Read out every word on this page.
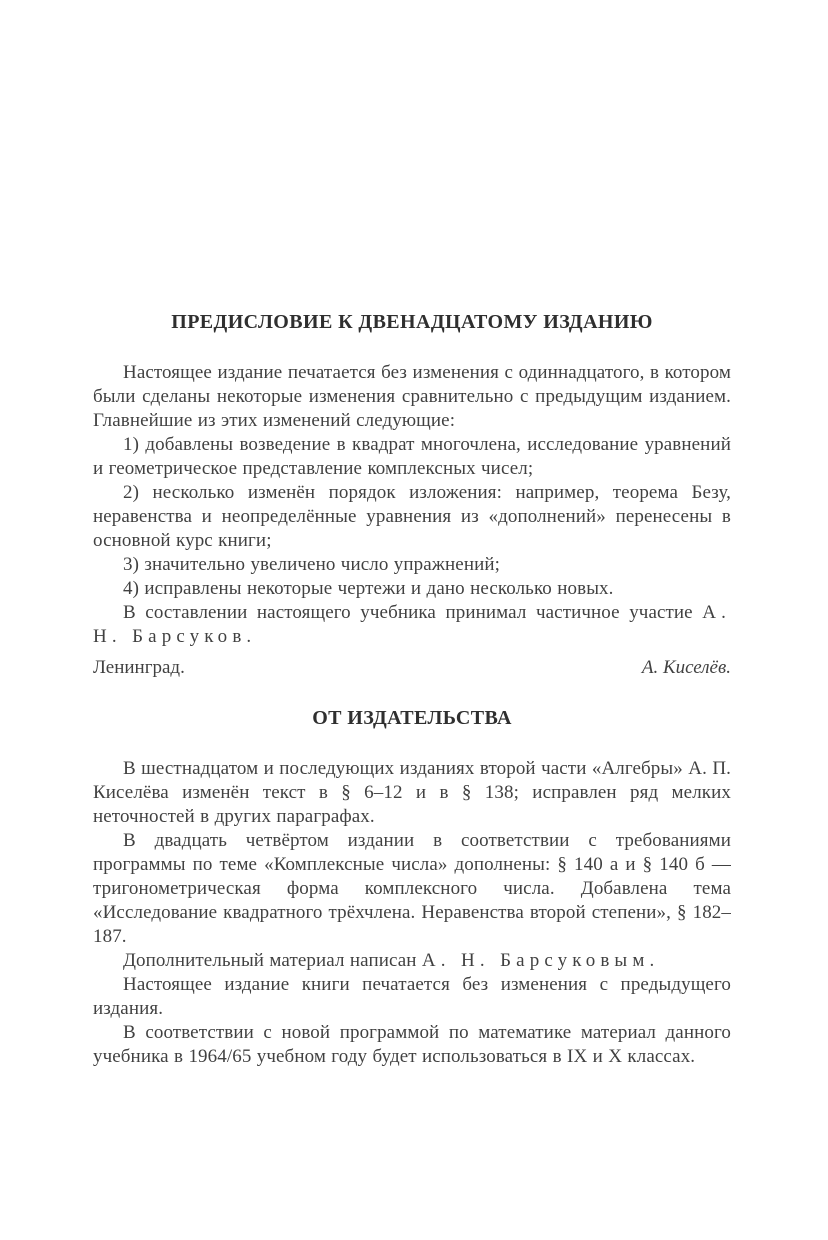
ПРЕДИСЛОВИЕ К ДВЕНАДЦАТОМУ ИЗДАНИЮ

Настоящее издание печатается без изменения с одиннадцатого, в котором были сделаны некоторые изменения сравнительно с предыдущим изданием. Главнейшие из этих изменений следующие:

1) добавлены возведение в квадрат многочлена, исследование уравнений и геометрическое представление комплексных чисел;

2) несколько изменён порядок изложения: например, теорема Безу, неравенства и неопределённые уравнения из «дополнений» перенесены в основной курс книги;

3) значительно увеличено число упражнений;

4) исправлены некоторые чертежи и дано несколько новых.

В составлении настоящего учебника принимал частичное участие А. Н. Барсуков.

Ленинград.	А. Киселёв.
ОТ ИЗДАТЕЛЬСТВА

В шестнадцатом и последующих изданиях второй части «Алгебры» А. П. Киселёва изменён текст в § 6–12 и в § 138; исправлен ряд мелких неточностей в других параграфах.

В двадцать четвёртом издании в соответствии с требованиями программы по теме «Комплексные числа» дополнены: § 140 а и § 140 б — тригонометрическая форма комплексного числа. Добавлена тема «Исследование квадратного трёхчлена. Неравенства второй степени», § 182–187.

Дополнительный материал написан А. Н. Барсуковым.

Настоящее издание книги печатается без изменения с предыдущего издания.

В соответствии с новой программой по математике материал данного учебника в 1964/65 учебном году будет использоваться в IX и X классах.
